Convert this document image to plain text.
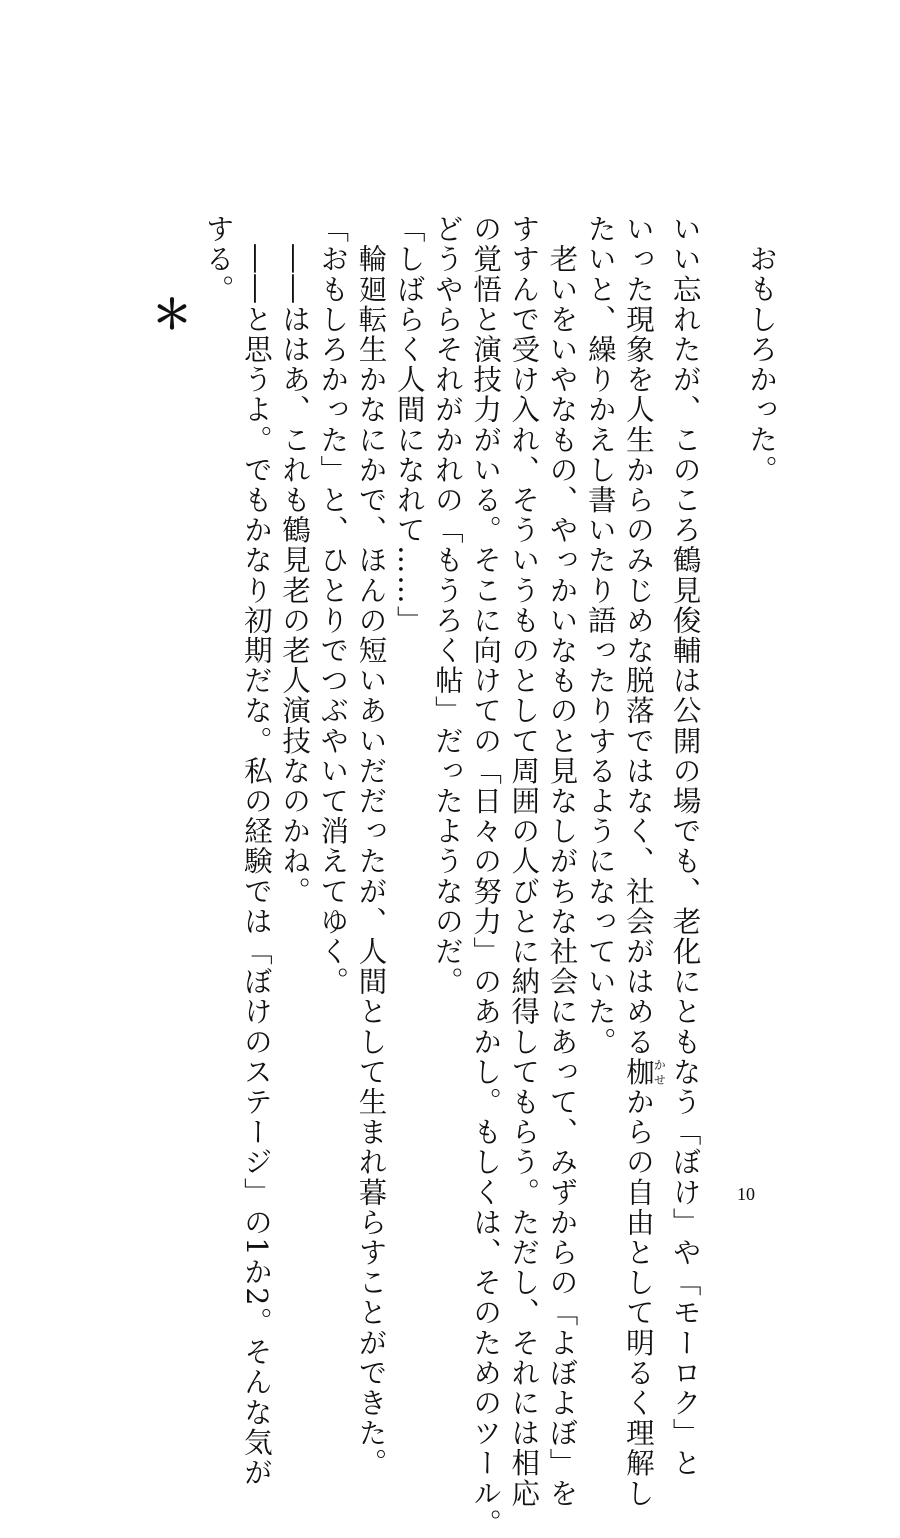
おもしろかった。
いい忘れたが、このころ鶴見俊輔は公開の場でも、老化にともなう「ぼけ」や「モーロク」と
いった現象を人生からのみじめな脱落ではなく、社会がはめる枷かせからの自由として明るく理解し
たいと、繰りかえし書いたり語ったりするようになっていた。
　老いをいやなもの、やっかいなものと見なしがちな社会にあって、みずからの「よぼよぼ」を
すすんで受け入れ、そういうものとして周囲の人びとに納得してもらう。ただし、それには相応
の覚悟と演技力がいる。そこに向けての「日々の努力」のあかし。もしくは、そのためのツール。
どうやらそれがかれの「もうろく帖」だったようなのだ。
「しばらく人間になれて……」
　輪廻転生かなにかで、ほんの短いあいだだったが、人間として生まれ暮らすことができた。
「おもしろかった」と、ひとりでつぶやいて消えてゆく。
　――ははあ、これも鶴見老の老人演技なのかね。
　――と思うよ。でもかなり初期だな。私の経験では「ぼけのステージ」の1か2。そんな気が
する。
＊
10
